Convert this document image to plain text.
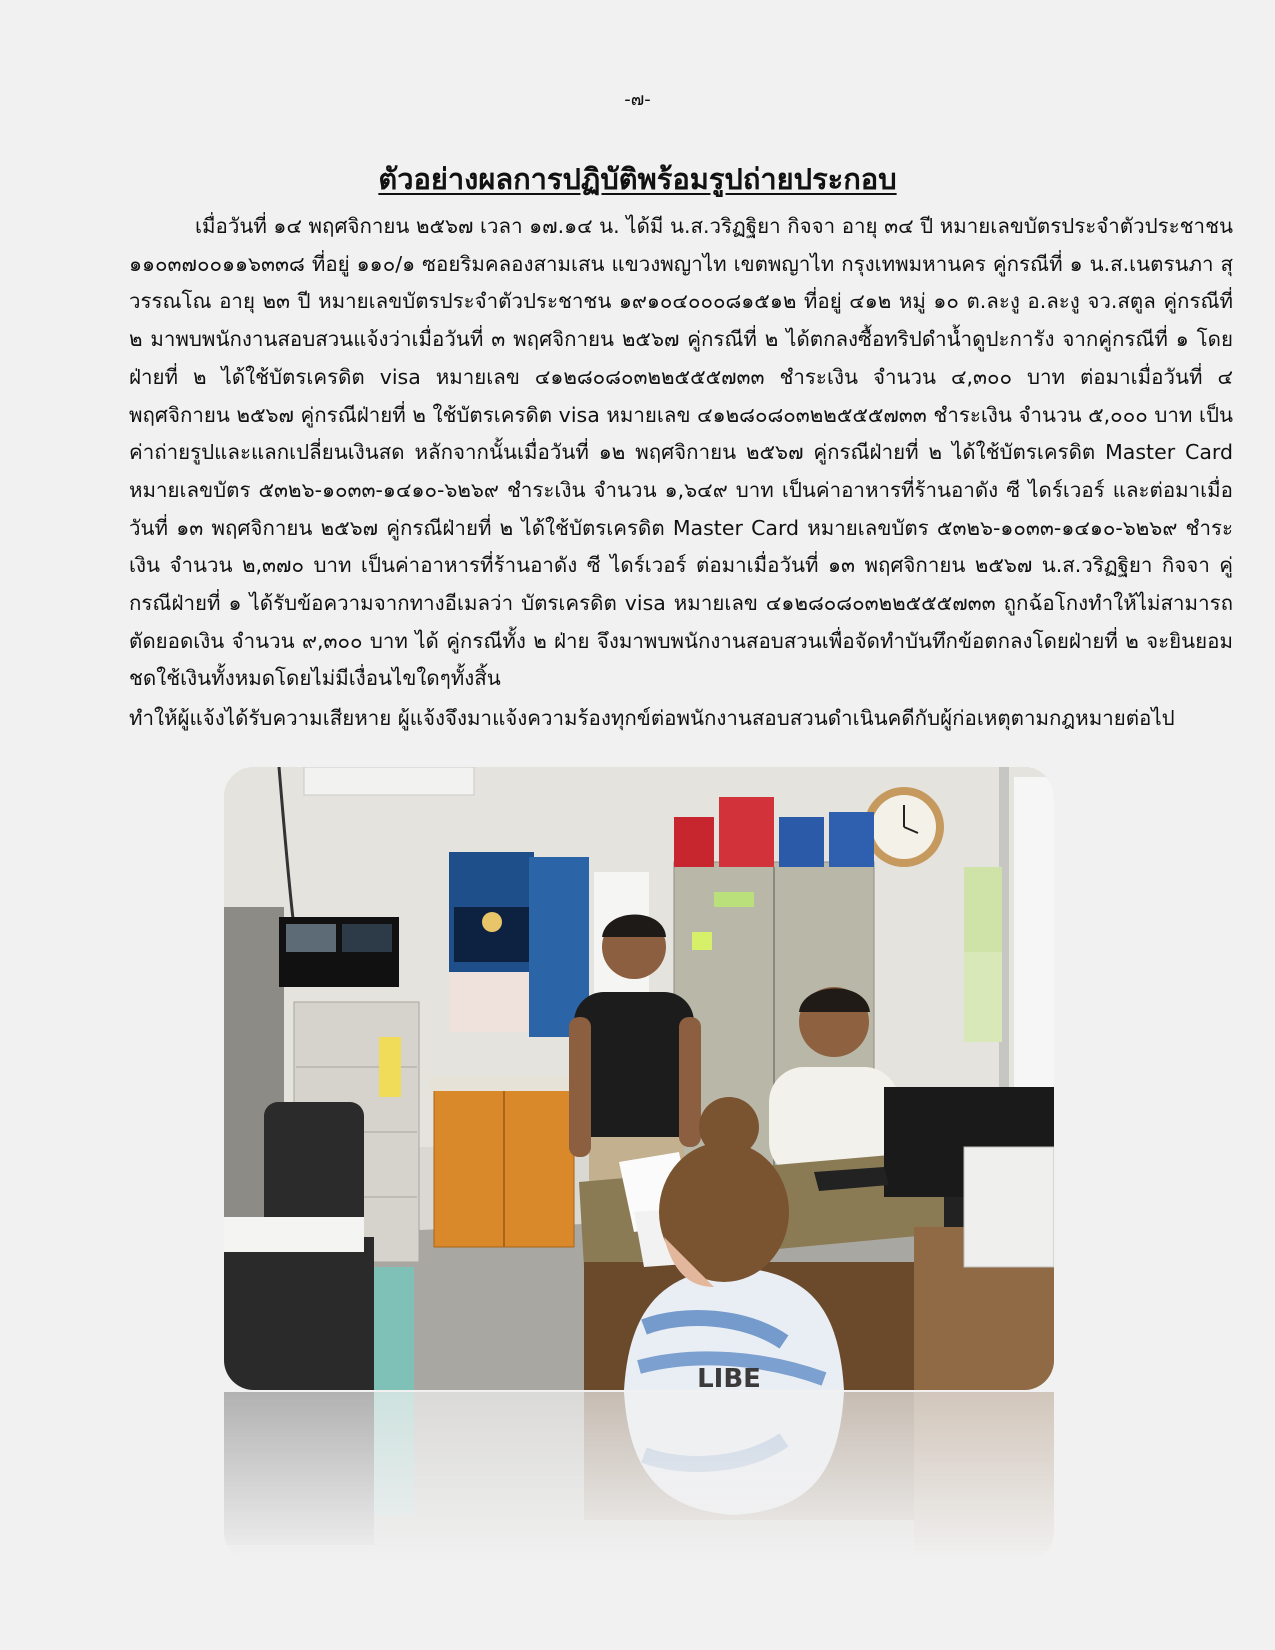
-๗-
ตัวอย่างผลการปฏิบัติพร้อมรูปถ่ายประกอบ

เมื่อวันที่ ๑๔ พฤศจิกายน ๒๕๖๗ เวลา ๑๗.๑๔ น. ได้มี น.ส.วริฏฐิยา กิจจา อายุ ๓๔ ปี หมายเลขบัตรประจำตัวประชาชน ๑๑๐๓๗๐๐๑๑๖๓๓๘ ที่อยู่ ๑๑๐/๑ ซอยริมคลองสามเสน แขวงพญาไท เขตพญาไท กรุงเทพมหานคร คู่กรณีที่ ๑ น.ส.เนตรนภา สุวรรณโณ อายุ ๒๓ ปี หมายเลขบัตรประจำตัวประชาชน ๑๙๑๐๔๐๐๐๘๑๕๑๒ ที่อยู่ ๔๑๒ หมู่ ๑๐ ต.ละงู อ.ละงู จว.สตูล คู่กรณีที่ ๒ มาพบพนักงานสอบสวนแจ้งว่าเมื่อวันที่ ๓ พฤศจิกายน ๒๕๖๗ คู่กรณีที่ ๒ ได้ตกลงซื้อทริปดำน้ำดูปะการัง จากคู่กรณีที่ ๑ โดยฝ่ายที่ ๒ ได้ใช้บัตรเครดิต visa หมายเลข ๔๑๒๘๐๘๐๓๒๒๕๕๕๗๓๓ ชำระเงิน จำนวน ๔,๓๐๐ บาท ต่อมาเมื่อวันที่ ๔ พฤศจิกายน ๒๕๖๗ คู่กรณีฝ่ายที่ ๒ ใช้บัตรเครดิต visa หมายเลข ๔๑๒๘๐๘๐๓๒๒๕๕๕๗๓๓ ชำระเงิน จำนวน ๕,๐๐๐ บาท เป็นค่าถ่ายรูปและแลกเปลี่ยนเงินสด หลักจากนั้นเมื่อวันที่ ๑๒ พฤศจิกายน ๒๕๖๗ คู่กรณีฝ่ายที่ ๒ ได้ใช้บัตรเครดิต Master Card หมายเลขบัตร ๕๓๒๖-๑๐๓๓-๑๔๑๐-๖๒๖๙ ชำระเงิน จำนวน ๑,๖๔๙ บาท เป็นค่าอาหารที่ร้านอาดัง ซี ไดร์เวอร์ และต่อมาเมื่อวันที่ ๑๓ พฤศจิกายน ๒๕๖๗ คู่กรณีฝ่ายที่ ๒ ได้ใช้บัตรเครดิต Master Card หมายเลขบัตร ๕๓๒๖-๑๐๓๓-๑๔๑๐-๖๒๖๙ ชำระเงิน จำนวน ๒,๓๗๐ บาท เป็นค่าอาหารที่ร้านอาดัง ซี ไดร์เวอร์ ต่อมาเมื่อวันที่ ๑๓ พฤศจิกายน ๒๕๖๗ น.ส.วริฏฐิยา กิจจา คู่กรณีฝ่ายที่ ๑ ได้รับข้อความจากทางอีเมลว่า บัตรเครดิต visa หมายเลข ๔๑๒๘๐๘๐๓๒๒๕๕๕๗๓๓ ถูกฉ้อโกงทำให้ไม่สามารถตัดยอดเงิน จำนวน ๙,๓๐๐ บาท ได้ คู่กรณีทั้ง ๒ ฝ่าย จึงมาพบพนักงานสอบสวนเพื่อจัดทำบันทึกข้อตกลงโดยฝ่ายที่ ๒ จะยินยอมชดใช้เงินทั้งหมดโดยไม่มีเงื่อนไขใดๆทั้งสิ้น

ทำให้ผู้แจ้งได้รับความเสียหาย ผู้แจ้งจึงมาแจ้งความร้องทุกข์ต่อพนักงานสอบสวนดำเนินคดีกับผู้ก่อเหตุตามกฎหมายต่อไป

LIBE
